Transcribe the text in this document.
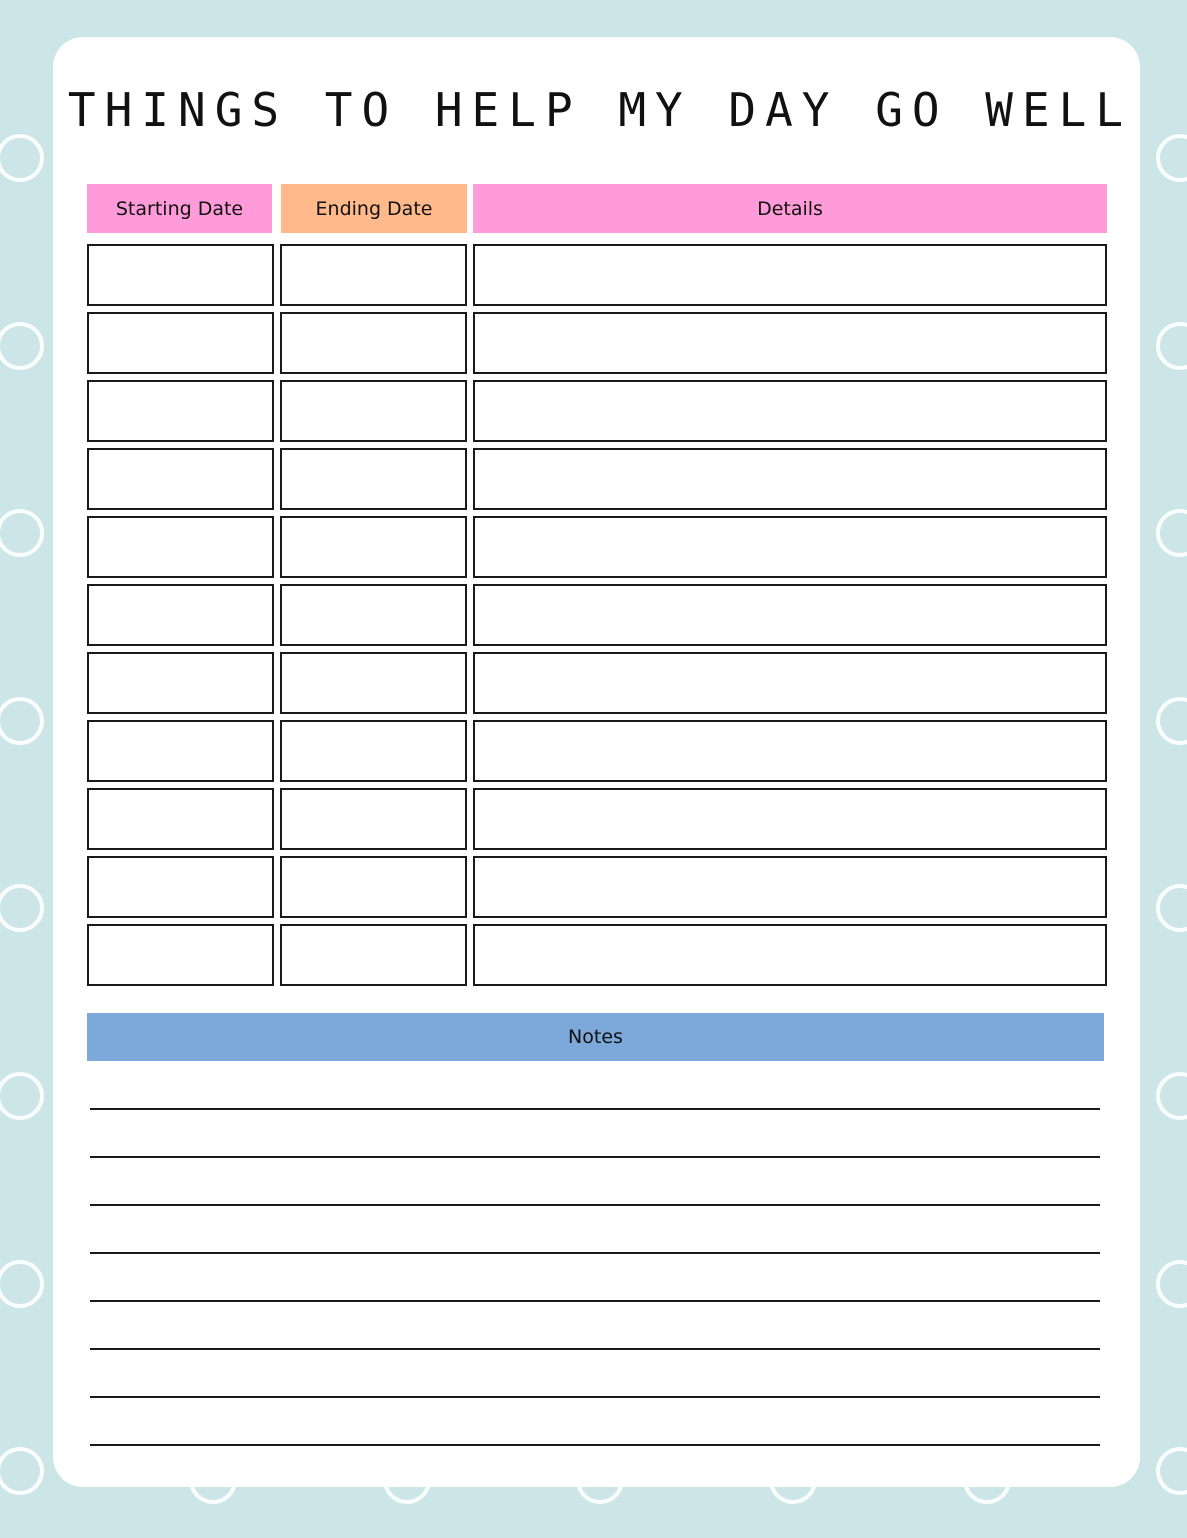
THINGS TO HELP MY DAY GO WELL
Starting Date	Ending Date	Details
Notes
